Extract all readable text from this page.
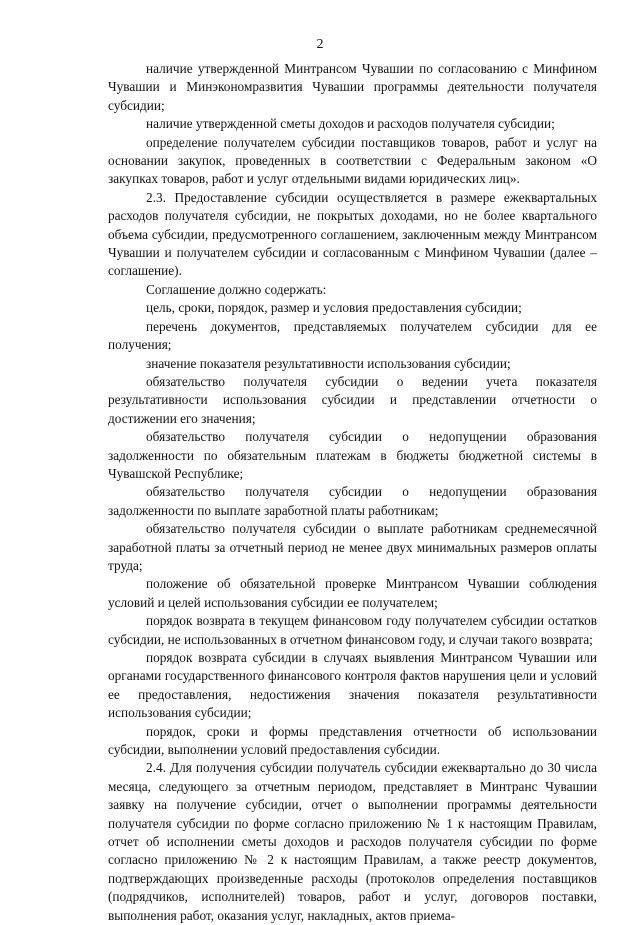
2

наличие утвержденной Минтрансом Чувашии по согласованию с Минфином Чувашии и Минэкономразвития Чувашии программы деятельности получателя субсидии;

наличие утвержденной сметы доходов и расходов получателя субсидии;

определение получателем субсидии поставщиков товаров, работ и услуг на основании закупок, проведенных в соответствии с Федеральным законом «О закупках товаров, работ и услуг отдельными видами юридических лиц».

2.3. Предоставление субсидии осуществляется в размере ежеквартальных расходов получателя субсидии, не покрытых доходами, но не более квартального объема субсидии, предусмотренного соглашением, заключенным между Минтрансом Чувашии и получателем субсидии и согласованным с Минфином Чувашии (далее – соглашение).

Соглашение должно содержать:

цель, сроки, порядок, размер и условия предоставления субсидии;

перечень документов, представляемых получателем субсидии для ее получения;

значение показателя результативности использования субсидии;

обязательство получателя субсидии о ведении учета показателя результативности использования субсидии и представлении отчетности о достижении его значения;

обязательство получателя субсидии о недопущении образования задолженности по обязательным платежам в бюджеты бюджетной системы в Чувашской Республике;

обязательство получателя субсидии о недопущении образования задолженности по выплате заработной платы работникам;

обязательство получателя субсидии о выплате работникам среднемесячной заработной платы за отчетный период не менее двух минимальных размеров оплаты труда;

положение об обязательной проверке Минтрансом Чувашии соблюдения условий и целей использования субсидии ее получателем;

порядок возврата в текущем финансовом году получателем субсидии остатков субсидии, не использованных в отчетном финансовом году, и случаи такого возврата;

порядок возврата субсидии в случаях выявления Минтрансом Чувашии или органами государственного финансового контроля фактов нарушения цели и условий ее предоставления, недостижения значения показателя результативности использования субсидии;

порядок, сроки и формы представления отчетности об использовании субсидии, выполнении условий предоставления субсидии.

2.4. Для получения субсидии получатель субсидии ежеквартально до 30 числа месяца, следующего за отчетным периодом, представляет в Минтранс Чувашии заявку на получение субсидии, отчет о выполнении программы деятельности получателя субсидии по форме согласно приложению № 1 к настоящим Правилам, отчет об исполнении сметы доходов и расходов получателя субсидии по форме согласно приложению № 2 к настоящим Правилам, а также реестр документов, подтверждающих произведенные расходы (протоколов определения поставщиков (подрядчиков, исполнителей) товаров, работ и услуг, договоров поставки, выполнения работ, оказания услуг, накладных, актов приема-
